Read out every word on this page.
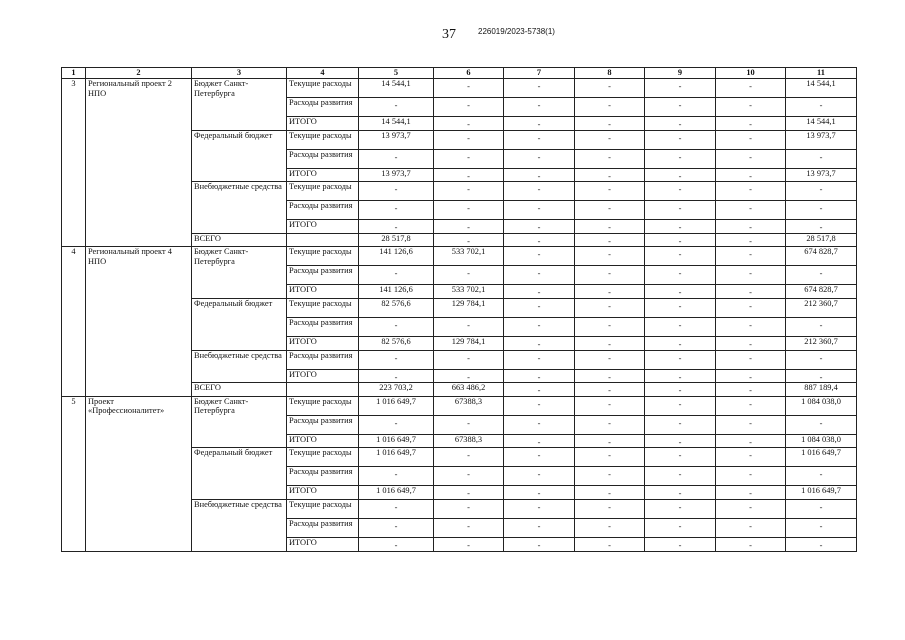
37	226019/2023-5738(1)
1	2	3	4	5	6	7	8	9	10	11
3	Региональный проект 2 НПО	Бюджет Санкт-Петербурга	Текущие расходы	14 544,1	-	-	-	-	-	14 544,1
			Расходы развития	-	-	-	-	-	-	-
			ИТОГО	14 544,1	-	-	-	-	-	14 544,1
		Федеральный бюджет	Текущие расходы	13 973,7	-	-	-	-	-	13 973,7
			Расходы развития	-	-	-	-	-	-	-
			ИТОГО	13 973,7	-	-	-	-	-	13 973,7
		Внебюджетные средства	Текущие расходы	-	-	-	-	-	-	-
			Расходы развития	-	-	-	-	-	-	-
			ИТОГО	-	-	-	-	-	-	-
		ВСЕГО		28 517,8	-	-	-	-	-	28 517,8
4	Региональный проект 4 НПО	Бюджет Санкт-Петербурга	Текущие расходы	141 126,6	533 702,1	-	-	-	-	674 828,7
			Расходы развития	-	-	-	-	-	-	-
			ИТОГО	141 126,6	533 702,1	-	-	-	-	674 828,7
		Федеральный бюджет	Текущие расходы	82 576,6	129 784,1	-	-	-	-	212 360,7
			Расходы развития	-	-	-	-	-	-	-
			ИТОГО	82 576,6	129 784,1	-	-	-	-	212 360,7
		Внебюджетные средства	Расходы развития	-	-	-	-	-	-	-
			ИТОГО	-	-	-	-	-	-	-
		ВСЕГО		223 703,2	663 486,2	-	-	-	-	887 189,4
5	Проект «Профессионалитет»	Бюджет Санкт-Петербурга	Текущие расходы	1 016 649,7	67388,3	-	-	-	-	1 084 038,0
			Расходы развития	-	-	-	-	-	-	-
			ИТОГО	1 016 649,7	67388,3	-	-	-	-	1 084 038,0
		Федеральный бюджет	Текущие расходы	1 016 649,7	-	-	-	-	-	1 016 649,7
			Расходы развития	-	-	-	-	-	-	-
			ИТОГО	1 016 649,7	-	-	-	-	-	1 016 649,7
		Внебюджетные средства	Текущие расходы	-	-	-	-	-	-	-
			Расходы развития	-	-	-	-	-	-	-
			ИТОГО	-	-	-	-	-	-	-
